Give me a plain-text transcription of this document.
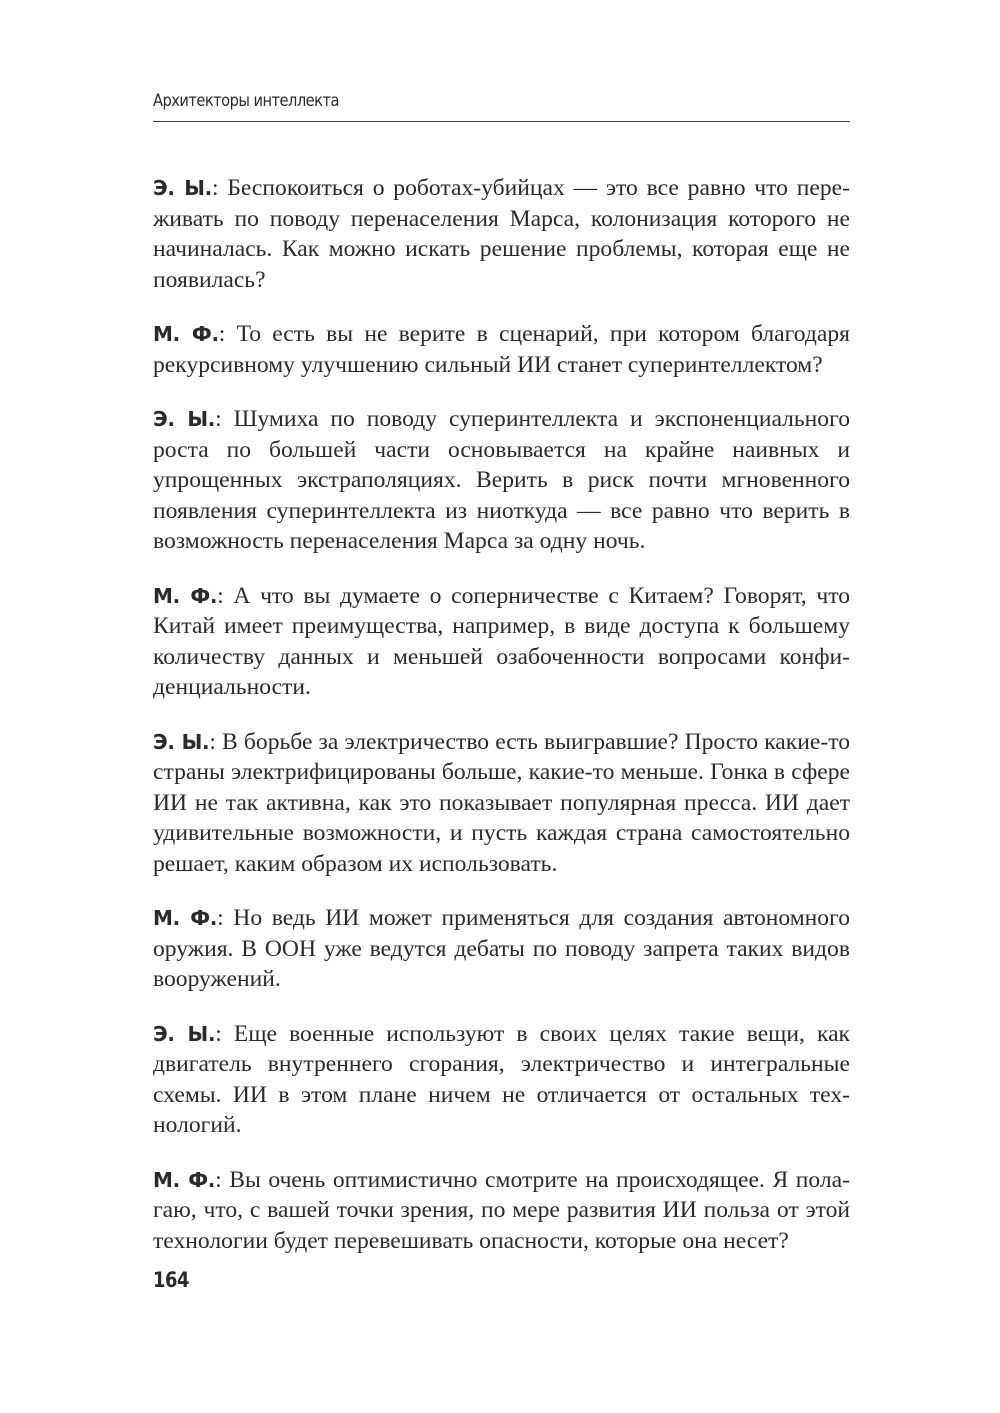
Архитекторы интеллекта

Э. Ы.: Беспокоиться о роботах-убийцах — это все равно что переживать по поводу перенаселения Марса, колонизация которого не начиналась. Как можно искать решение проблемы, которая еще не появилась?

М. Ф.: То есть вы не верите в сценарий, при котором благодаря рекурсивному улучшению сильный ИИ станет суперинтеллектом?

Э. Ы.: Шумиха по поводу суперинтеллекта и экспоненциального роста по большей части основывается на крайне наивных и упрощенных экстраполяциях. Верить в риск почти мгновенного появления суперинтеллекта из ниоткуда — все равно что верить в возможность перенаселения Марса за одну ночь.

М. Ф.: А что вы думаете о соперничестве с Китаем? Говорят, что Китай имеет преимущества, например, в виде доступа к большему количеству данных и меньшей озабоченности вопросами конфиденциальности.

Э. Ы.: В борьбе за электричество есть выигравшие? Просто какие-то страны электрифицированы больше, какие-то меньше. Гонка в сфере ИИ не так активна, как это показывает популярная пресса. ИИ дает удивительные возможности, и пусть каждая страна самостоятельно решает, каким образом их использовать.

М. Ф.: Но ведь ИИ может применяться для создания автономного оружия. В ООН уже ведутся дебаты по поводу запрета таких видов вооружений.

Э. Ы.: Еще военные используют в своих целях такие вещи, как двигатель внутреннего сгорания, электричество и интегральные схемы. ИИ в этом плане ничем не отличается от остальных технологий.

М. Ф.: Вы очень оптимистично смотрите на происходящее. Я полагаю, что, с вашей точки зрения, по мере развития ИИ польза от этой технологии будет перевешивать опасности, которые она несет?

164
